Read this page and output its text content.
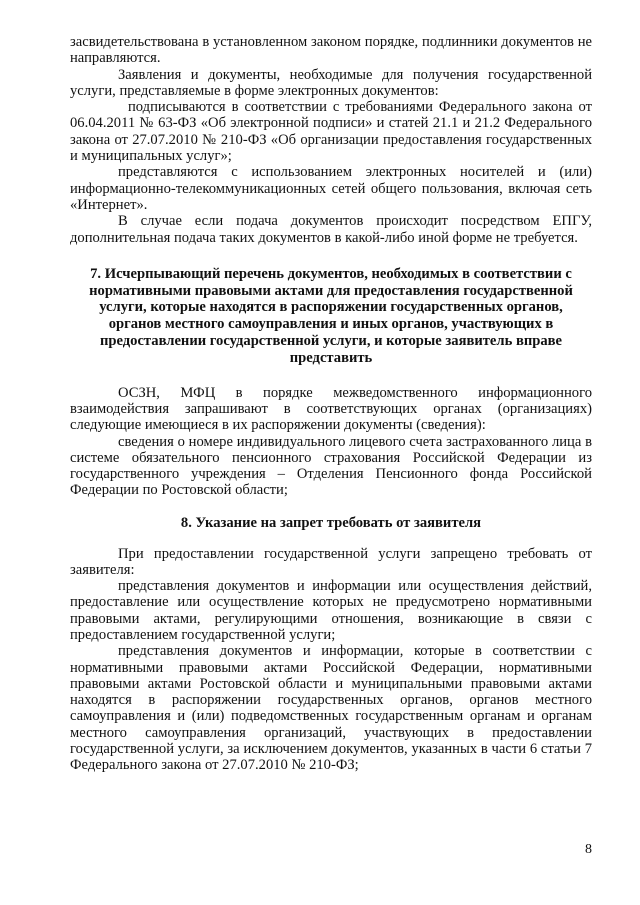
засвидетельствована в установленном законом порядке, подлинники документов не направляются.

Заявления и документы, необходимые для получения государственной услуги, представляемые в форме электронных документов:

подписываются в соответствии с требованиями Федерального закона от 06.04.2011 № 63-ФЗ «Об электронной подписи» и статей 21.1 и 21.2 Федерального закона от 27.07.2010 № 210-ФЗ «Об организации предоставления государственных и муниципальных услуг»;

представляются с использованием электронных носителей и (или) информационно-телекоммуникационных сетей общего пользования, включая сеть «Интернет».

В случае если подача документов происходит посредством ЕПГУ, дополнительная подача таких документов в какой-либо иной форме не требуется.

7. Исчерпывающий перечень документов, необходимых в соответствии с нормативными правовыми актами для предоставления государственной услуги, которые находятся в распоряжении государственных органов, органов местного самоуправления и иных органов, участвующих в предоставлении государственной услуги, и которые заявитель вправе представить

ОСЗН, МФЦ в порядке межведомственного информационного взаимодействия запрашивают в соответствующих органах (организациях) следующие имеющиеся в их распоряжении документы (сведения):

сведения о номере индивидуального лицевого счета застрахованного лица в системе обязательного пенсионного страхования Российской Федерации из государственного учреждения – Отделения Пенсионного фонда Российской Федерации по Ростовской области;

8. Указание на запрет требовать от заявителя

При предоставлении государственной услуги запрещено требовать от заявителя:

представления документов и информации или осуществления действий, предоставление или осуществление которых не предусмотрено нормативными правовыми актами, регулирующими отношения, возникающие в связи с предоставлением государственной услуги;

представления документов и информации, которые в соответствии с нормативными правовыми актами Российской Федерации, нормативными правовыми актами Ростовской области и муниципальными правовыми актами находятся в распоряжении государственных органов, органов местного самоуправления и (или) подведомственных государственным органам и органам местного самоуправления организаций, участвующих в предоставлении государственной услуги, за исключением документов, указанных в части 6 статьи 7 Федерального закона от 27.07.2010 № 210-ФЗ;

8
